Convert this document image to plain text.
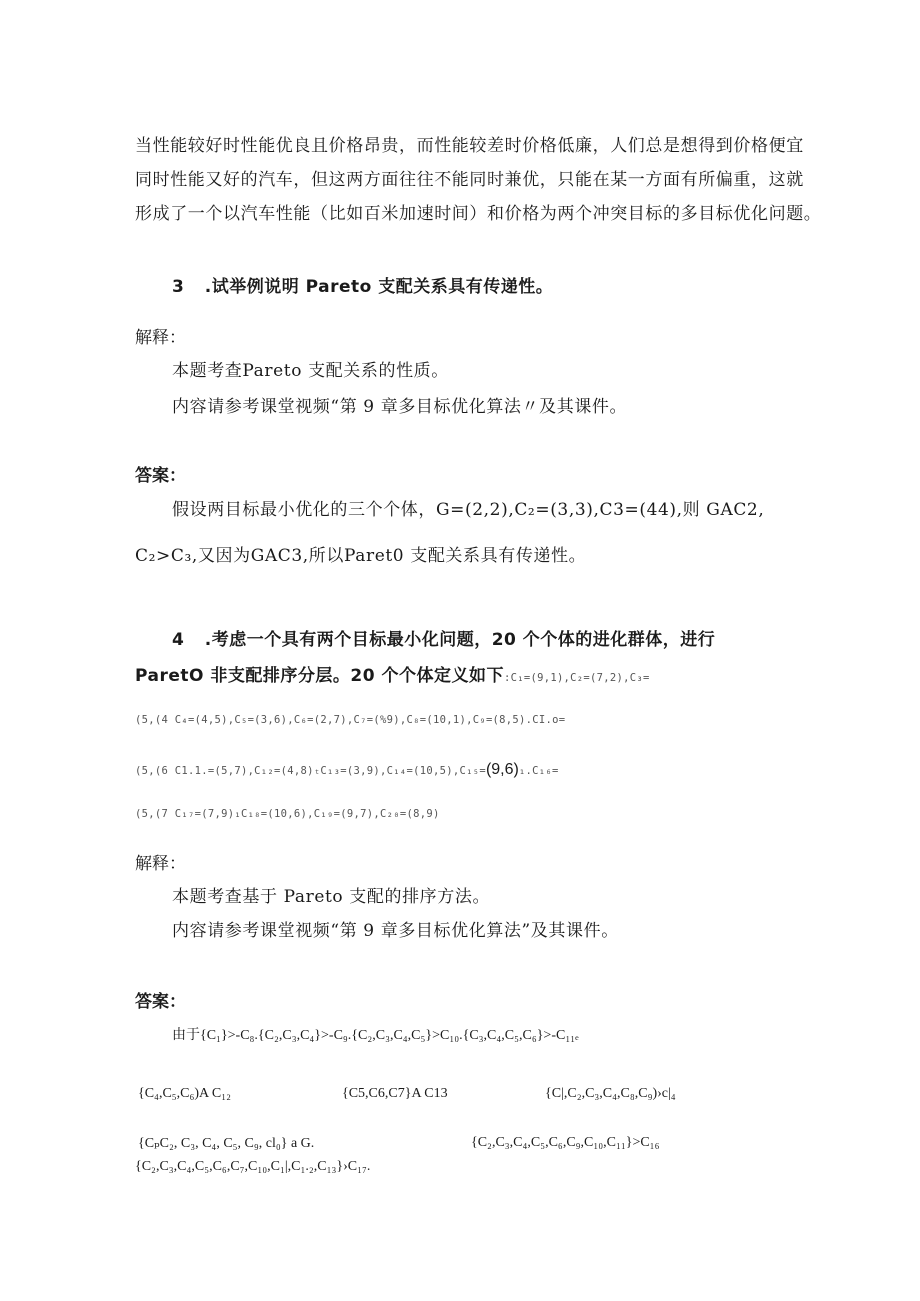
当性能较好时性能优良且价格昂贵，而性能较差时价格低廉，人们总是想得到价格便宜
同时性能又好的汽车，但这两方面往往不能同时兼优，只能在某一方面有所偏重，这就
形成了一个以汽车性能（比如百米加速时间）和价格为两个冲突目标的多目标优化问题。
3 .试举例说明 Pareto 支配关系具有传递性。
解释：
本题考查Pareto 支配关系的性质。
内容请参考课堂视频“第 9 章多目标优化算法〃及其课件。
答案：
假设两目标最小优化的三个个体，G=(2,2),C₂=(3,3),C3=(44),则 GAC2,
C₂>C₃,又因为GAC3,所以Paret0 支配关系具有传递性。
4 .考虑一个具有两个目标最小化问题，20 个个体的进化群体，进行
ParetO 非支配排序分层。20 个个体定义如下:C₁=(9,1),C₂=(7,2),C₃=
(5,(4 C₄=(4,5),C₅=(3,6),C₆=(2,7),C₇=(%9),C₈=(10,1),C₉=(8,5).CI.o=
(5,(6 C1.1.=(5,7),C₁₂=(4,8)ₜC₁₃=(3,9),C₁₄=(10,5),C₁₅=(9,6)₁.C₁₆=
(5,(7 C₁₇=(7,9)₁C₁₈=(10,6),C₁₉=(9,7),C₂₀=(8,9)
解释：
本题考查基于 Pareto 支配的排序方法。
内容请参考课堂视频“第 9 章多目标优化算法”及其课件。
答案：
由于{C₁}>-C₈.{C₂,C₃,C₄}>-C₉.{C₂,C₃,C₄,C₅}>C₁₀.{C₃,C₄,C₅,C₆}>-C₁₁ₑ
{C₄,C₅,C₆)A C₁₂	{C5,C6,C7}A C13	{C|,C₂,C₃,C₄,C₈,C₉)›c|₄
{CₚC₂, C₃, C₄, C₅, C₉, cl₀} a G.	{C₂,C₃,C₄,C₅,C₆,C₉,C₁₀,C₁₁}>C₁₆
{C₂,C₃,C₄,C₅,C₆,C₇,C₁₀,C₁|,C₁.₂,C₁₃}›C₁₇.
